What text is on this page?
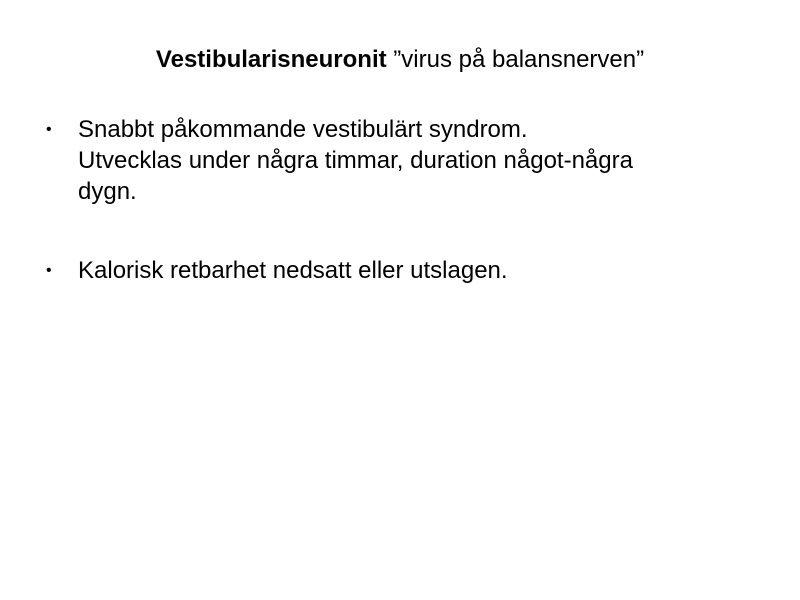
Vestibularisneuronit ”virus på balansnerven”
• Snabbt påkommande vestibulärt syndrom.
Utvecklas under några timmar, duration något-några
dygn.
• Kalorisk retbarhet nedsatt eller utslagen.
